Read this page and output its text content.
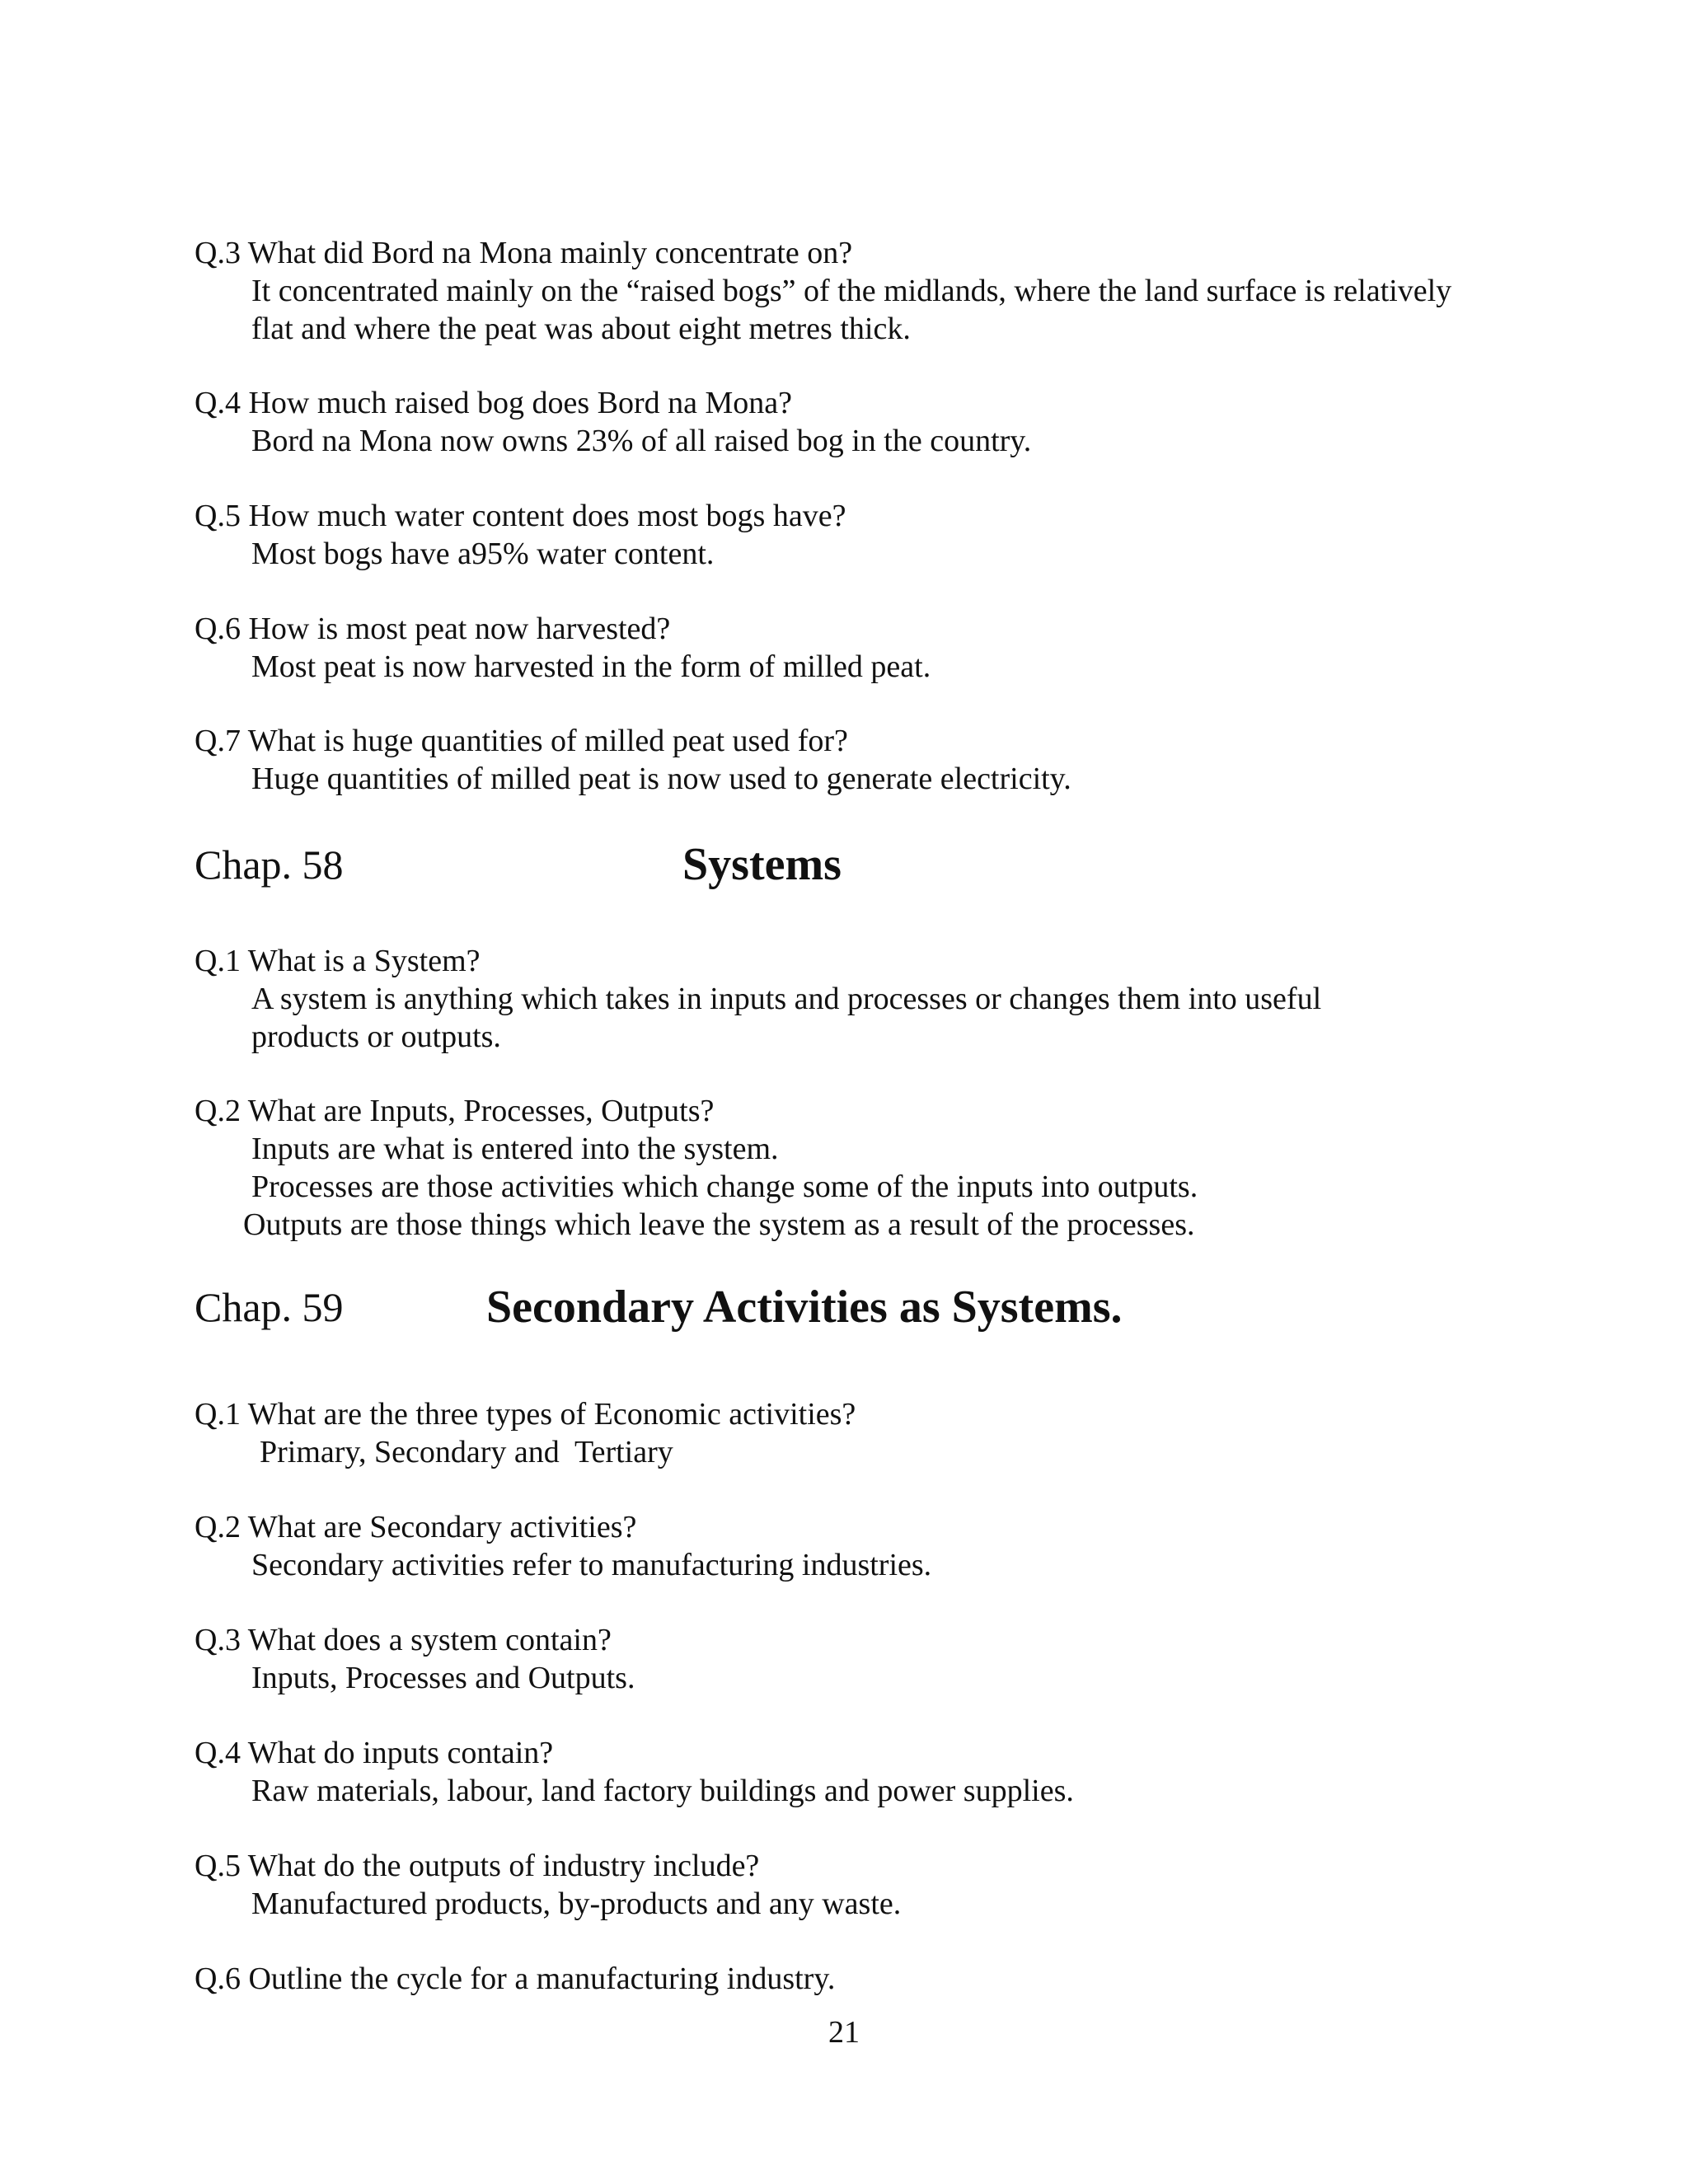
Q.3 What did Bord na Mona mainly concentrate on?
It concentrated mainly on the “raised bogs” of the midlands, where the land surface is relatively
flat and where the peat was about eight metres thick.
Q.4 How much raised bog does Bord na Mona?
Bord na Mona now owns 23% of all raised bog in the country.
Q.5 How much water content does most bogs have?
Most bogs have a95% water content.
Q.6 How is most peat now harvested?
Most peat is now harvested in the form of milled peat.
Q.7 What is huge quantities of milled peat used for?
Huge quantities of milled peat is now used to generate electricity.
Chap. 58	Systems
Q.1 What is a System?
A system is anything which takes in inputs and processes or changes them into useful
products or outputs.
Q.2 What are Inputs, Processes, Outputs?
Inputs are what is entered into the system.
Processes are those activities which change some of the inputs into outputs.
Outputs are those things which leave the system as a result of the processes.
Chap. 59	Secondary Activities as Systems.
Q.1 What are the three types of Economic activities?
Primary, Secondary and  Tertiary
Q.2 What are Secondary activities?
Secondary activities refer to manufacturing industries.
Q.3 What does a system contain?
Inputs, Processes and Outputs.
Q.4 What do inputs contain?
Raw materials, labour, land factory buildings and power supplies.
Q.5 What do the outputs of industry include?
Manufactured products, by-products and any waste.
Q.6 Outline the cycle for a manufacturing industry.
21
